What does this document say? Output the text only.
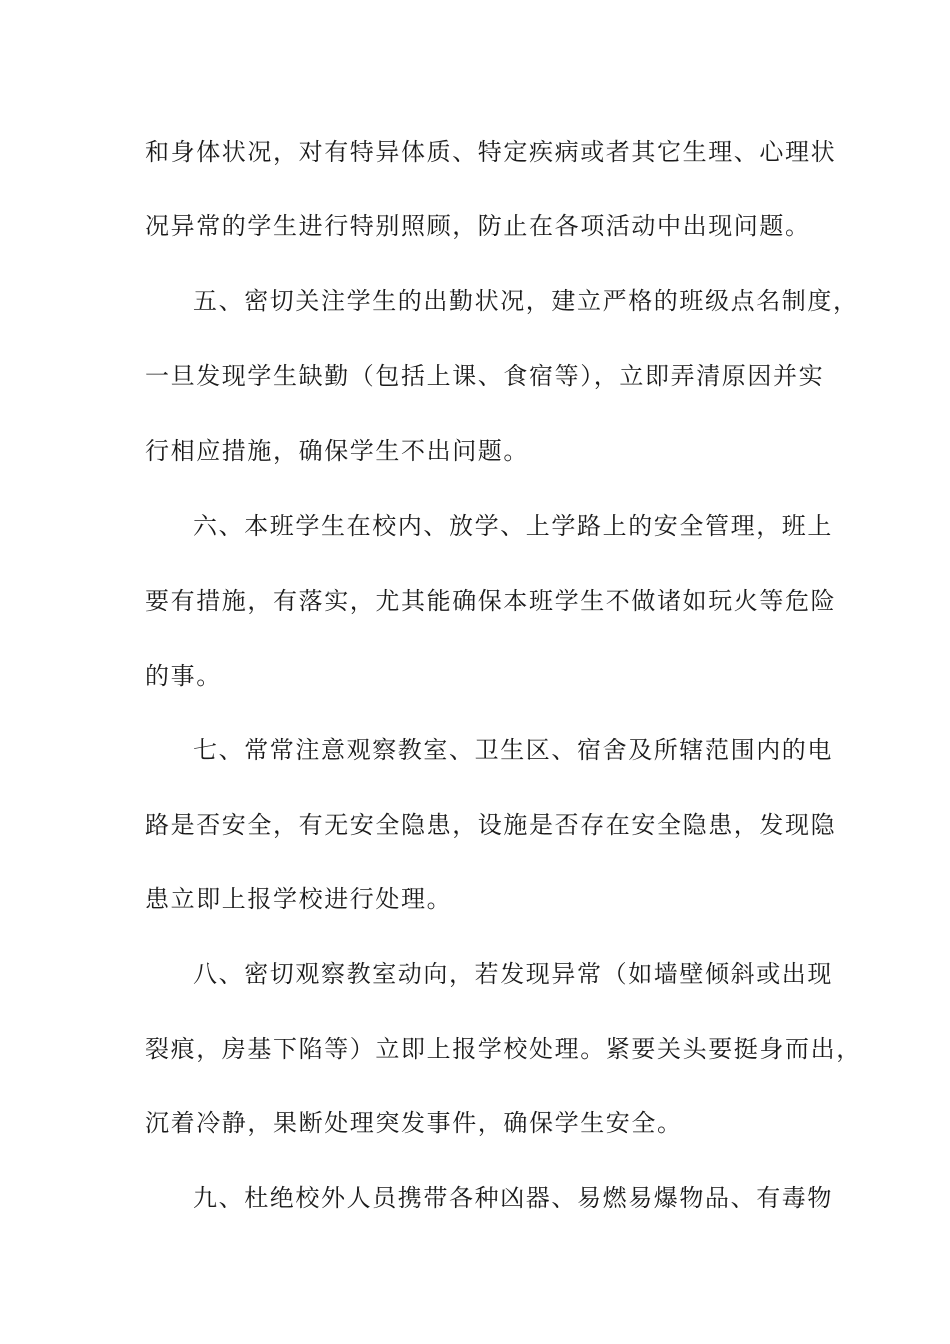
和身体状况，对有特异体质、特定疾病或者其它生理、心理状
况异常的学生进行特别照顾，防止在各项活动中出现问题。
五、密切关注学生的出勤状况，建立严格的班级点名制度，
一旦发现学生缺勤（包括上课、食宿等），立即弄清原因并实
行相应措施，确保学生不出问题。
六、本班学生在校内、放学、上学路上的安全管理，班上
要有措施，有落实，尤其能确保本班学生不做诸如玩火等危险
的事。
七、常常注意观察教室、卫生区、宿舍及所辖范围内的电
路是否安全，有无安全隐患，设施是否存在安全隐患，发现隐
患立即上报学校进行处理。
八、密切观察教室动向，若发现异常（如墙壁倾斜或出现
裂痕，房基下陷等）立即上报学校处理。紧要关头要挺身而出，
沉着冷静，果断处理突发事件，确保学生安全。
九、杜绝校外人员携带各种凶器、易燃易爆物品、有毒物
